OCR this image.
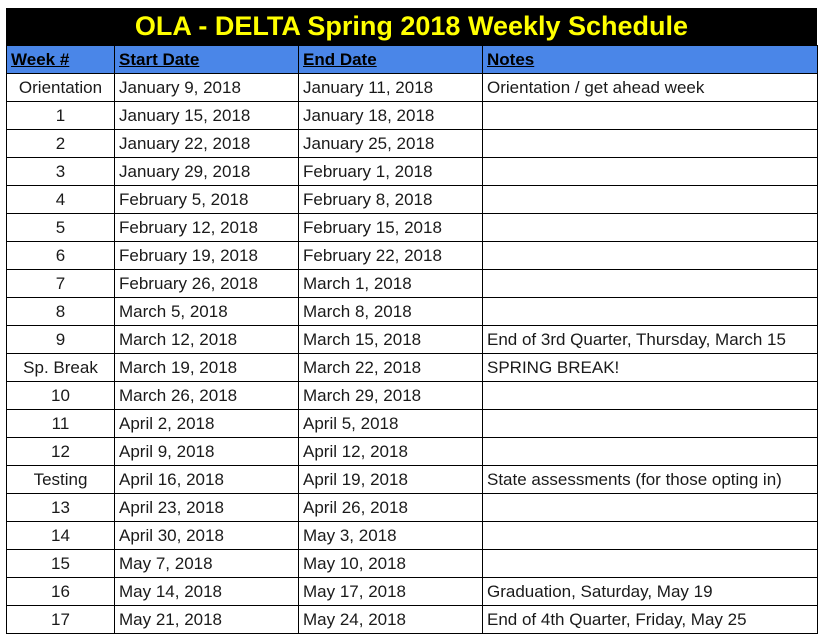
OLA - DELTA Spring 2018 Weekly Schedule
Week #	Start Date	End Date	Notes
Orientation	January 9, 2018	January 11, 2018	Orientation / get ahead week
1	January 15, 2018	January 18, 2018	
2	January 22, 2018	January 25, 2018	
3	January 29, 2018	February 1, 2018	
4	February 5, 2018	February 8, 2018	
5	February 12, 2018	February 15, 2018	
6	February 19, 2018	February 22, 2018	
7	February 26, 2018	March 1, 2018	
8	March 5, 2018	March 8, 2018	
9	March 12, 2018	March 15, 2018	End of 3rd Quarter, Thursday, March 15
Sp. Break	March 19, 2018	March 22, 2018	SPRING BREAK!
10	March 26, 2018	March 29, 2018	
11	April 2, 2018	April 5, 2018	
12	April 9, 2018	April 12, 2018	
Testing	April 16, 2018	April 19, 2018	State assessments (for those opting in)
13	April 23, 2018	April 26, 2018	
14	April 30, 2018	May 3, 2018	
15	May 7, 2018	May 10, 2018	
16	May 14, 2018	May 17, 2018	Graduation, Saturday, May 19
17	May 21, 2018	May 24, 2018	End of 4th Quarter, Friday, May 25
